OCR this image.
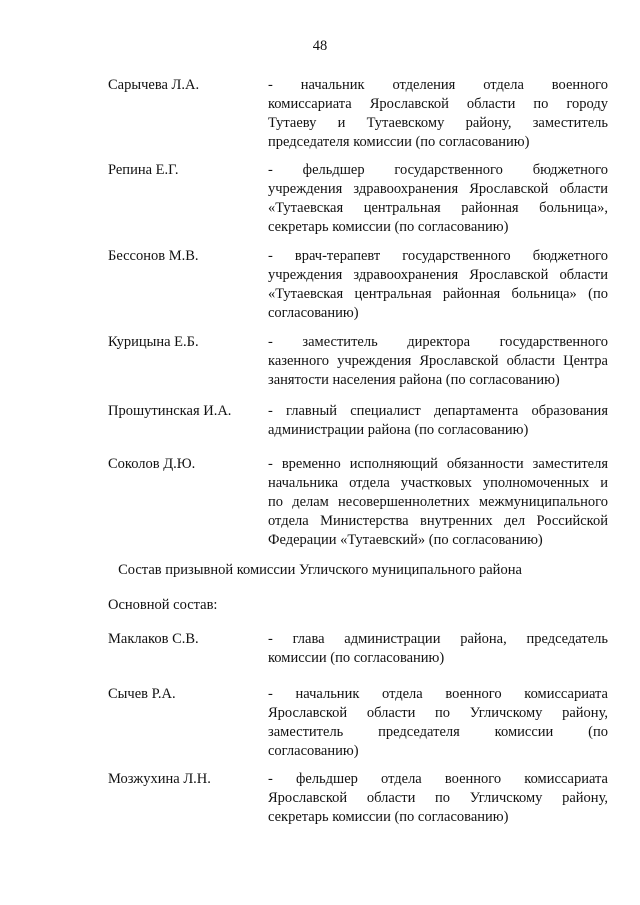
48
Сарычева Л.А.	- начальник отделения отдела военного
комиссариата Ярославской области по городу
Тутаеву и Тутаевскому району, заместитель
председателя комиссии (по согласованию)
Репина Е.Г.	- фельдшер государственного бюджетного
учреждения здравоохранения Ярославской области
«Тутаевская центральная районная больница»,
секретарь комиссии (по согласованию)
Бессонов М.В.	- врач-терапевт государственного бюджетного
учреждения здравоохранения Ярославской области
«Тутаевская центральная районная больница» (по
согласованию)
Курицына Е.Б.	- заместитель директора государственного
казенного учреждения Ярославской области Центра
занятости населения района (по согласованию)
Прошутинская И.А.	- главный специалист департамента образования
администрации района (по согласованию)
Соколов Д.Ю.	- временно исполняющий обязанности заместителя
начальника отдела участковых уполномоченных и
по делам несовершеннолетних межмуниципального
отдела Министерства внутренних дел Российской
Федерации «Тутаевский» (по согласованию)
Состав призывной комиссии Угличского муниципального района
Основной состав:
Маклаков С.В.	- глава администрации района, председатель
комиссии (по согласованию)
Сычев Р.А.	- начальник отдела военного комиссариата
Ярославской области по Угличскому району,
заместитель председателя комиссии (по
согласованию)
Мозжухина Л.Н.	- фельдшер отдела военного комиссариата
Ярославской области по Угличскому району,
секретарь комиссии (по согласованию)
